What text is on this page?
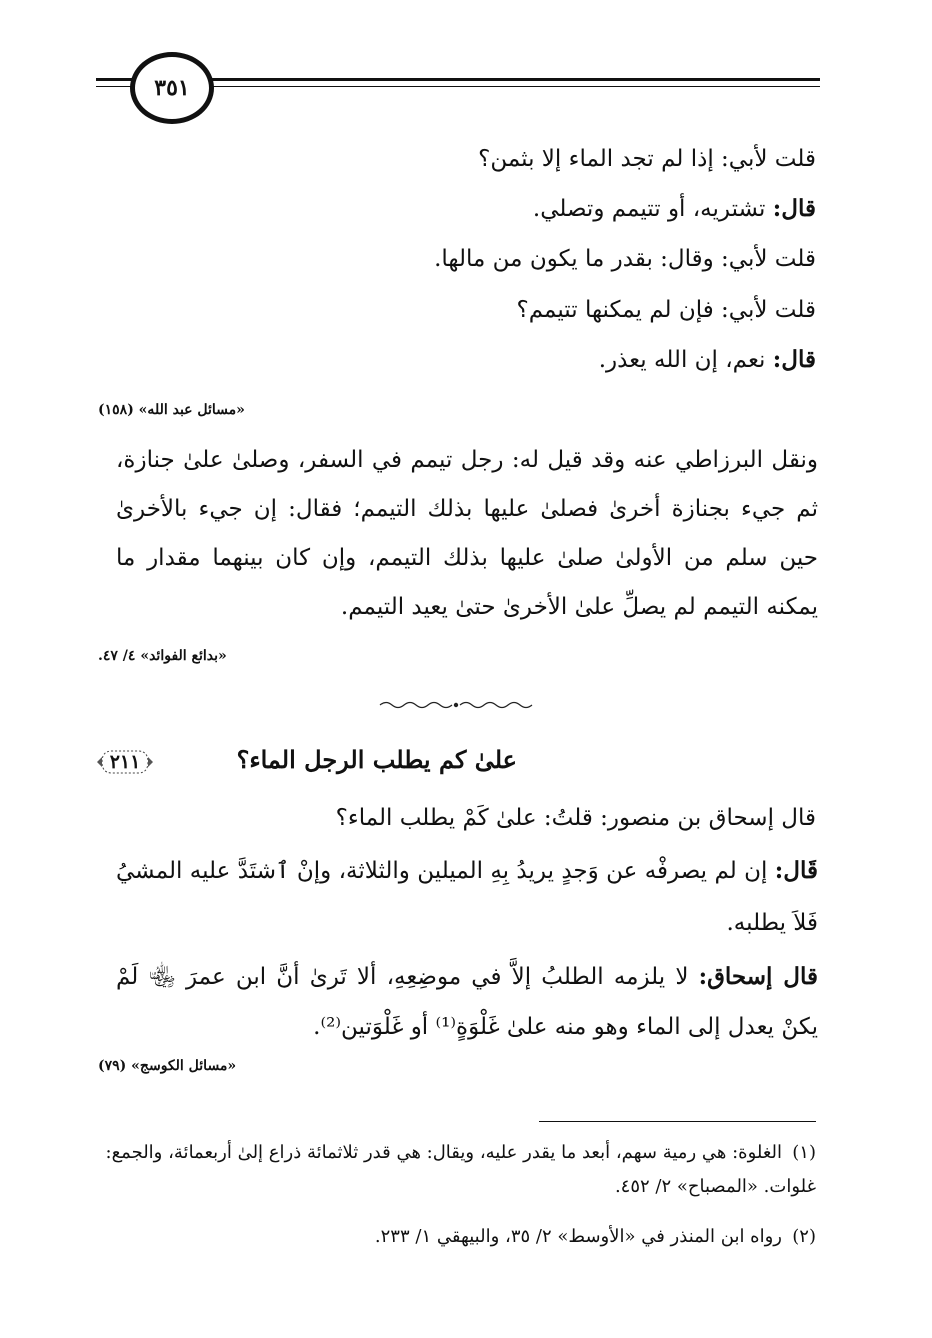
٣٥١
قلت لأبي: إذا لم تجد الماء إلا بثمن؟
قال: تشتريه، أو تتيمم وتصلي.
قلت لأبي: وقال: بقدر ما يكون من مالها.
قلت لأبي: فإن لم يمكنها تتيمم؟
قال: نعم، إن الله يعذر.
«مسائل عبد الله» (١٥٨)
ونقل البرزاطي عنه وقد قيل له: رجل تيمم في السفر، وصلىٰ علىٰ جنازة، ثم جيء بجنازة أخرىٰ فصلىٰ عليها بذلك التيمم؛ فقال: إن جيء بالأخرىٰ حين سلم من الأولىٰ صلىٰ عليها بذلك التيمم، وإن كان بينهما مقدار ما يمكنه التيمم لم يصلِّ علىٰ الأخرىٰ حتىٰ يعيد التيمم.
«بدائع الفوائد» ٤/ ٤٧.
٢١١	علىٰ كم يطلب الرجل الماء؟
قال إسحاق بن منصور: قلتُ: علىٰ كَمْ يطلب الماء؟
قَال: إن لم يصرفْه عن وَجدٍ يريدُ بِهِ الميلين والثلاثة، وإنْ ٱشتَدَّ عليه المشيُ فَلاَ يطلبه.
قال إسحاق: لا يلزمه الطلبُ إلاَّ في موضِعِهِ، ألا تَرىٰ أنَّ ابن عمرَ ﵄ لَمْ يكنْ يعدل إلى الماء وهو منه علىٰ غَلْوَةٍ⁽¹⁾ أو غَلْوَتين⁽²⁾.
«مسائل الكوسج» (٧٩)
(١)الغلوة: هي رمية سهم، أبعد ما يقدر عليه، ويقال: هي قدر ثلاثمائة ذراع إلىٰ أربعمائة، والجمع: غلوات. «المصباح» ٢/ ٤٥٢.
(٢)رواه ابن المنذر في «الأوسط» ٢/ ٣٥، والبيهقي ١/ ٢٣٣.
